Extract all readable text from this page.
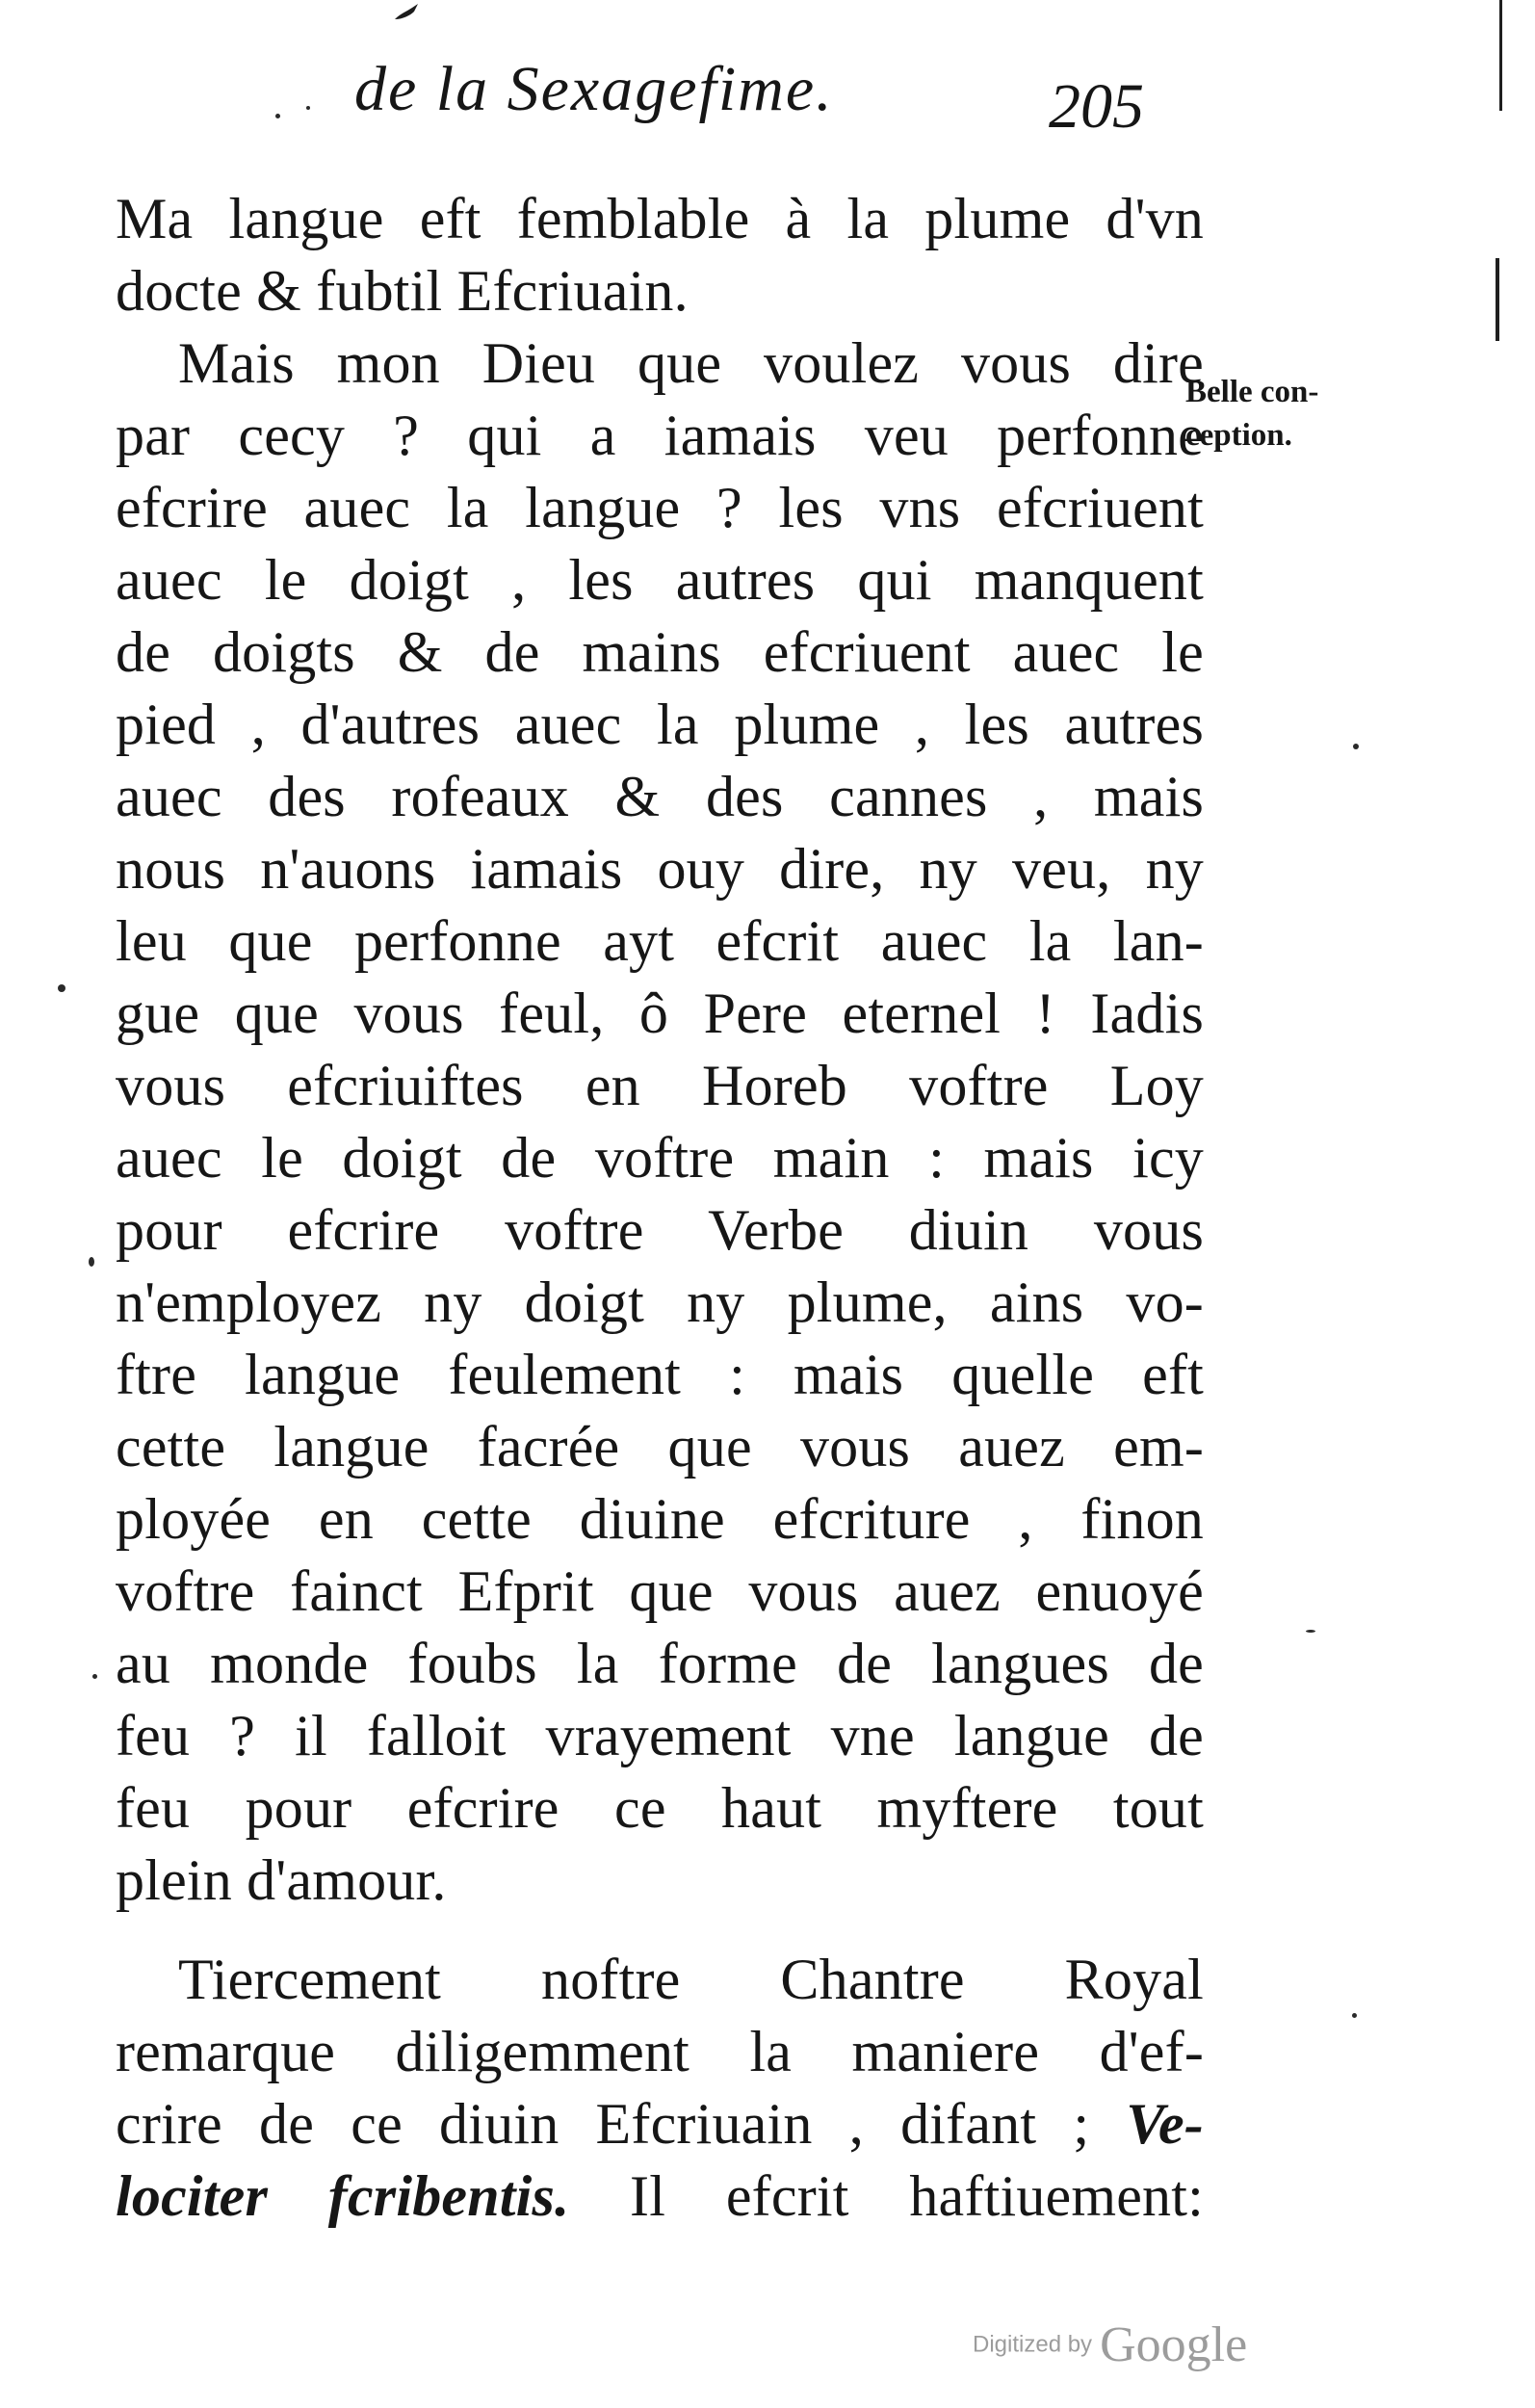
de la Sexagefime.	205
Belle con-
ception.
Ma langue eft femblable à la plume d'vn
docte & fubtil Efcriuain.
Mais mon Dieu que voulez vous dire
par cecy ? qui a iamais veu perfonne
efcrire auec la langue ? les vns efcriuent
auec le doigt , les autres qui manquent
de doigts & de mains efcriuent auec le
pied , d'autres auec la plume , les autres
auec des rofeaux & des cannes , mais
nous n'auons iamais ouy dire, ny veu, ny
leu que perfonne ayt efcrit auec la lan-
gue que vous feul, ô Pere eternel ! Iadis
vous efcriuiftes en Horeb voftre Loy
auec le doigt de voftre main : mais icy
pour efcrire voftre Verbe diuin vous
n'employez ny doigt ny plume, ains vo-
ftre langue feulement : mais quelle eft
cette langue facrée que vous auez em-
ployée en cette diuine efcriture , finon
voftre fainct Efprit que vous auez enuoyé
au monde foubs la forme de langues de
feu ? il falloit vrayement vne langue de
feu pour efcrire ce haut myftere tout
plein d'amour.
Tiercement noftre Chantre Royal
remarque diligemment la maniere d'ef-
crire de ce diuin Efcriuain , difant ; Ve-
lociter fcribentis. Il efcrit haftiuement:
Digitized by Google
